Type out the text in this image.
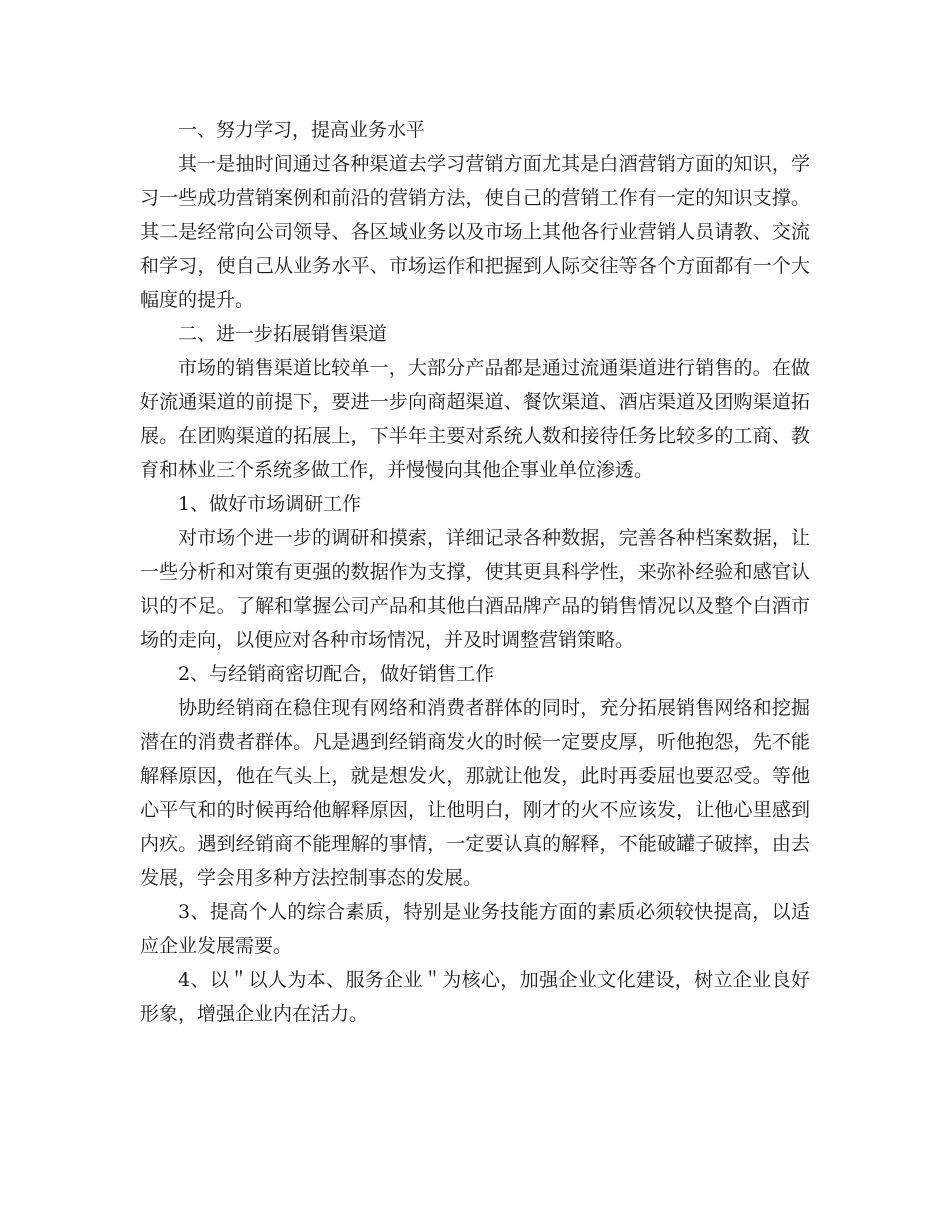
一、努力学习，提高业务水平

其一是抽时间通过各种渠道去学习营销方面尤其是白酒营销方面的知识，学习一些成功营销案例和前沿的营销方法，使自己的营销工作有一定的知识支撑。其二是经常向公司领导、各区域业务以及市场上其他各行业营销人员请教、交流和学习，使自己从业务水平、市场运作和把握到人际交往等各个方面都有一个大幅度的提升。

二、进一步拓展销售渠道

市场的销售渠道比较单一，大部分产品都是通过流通渠道进行销售的。在做好流通渠道的前提下，要进一步向商超渠道、餐饮渠道、酒店渠道及团购渠道拓展。在团购渠道的拓展上，下半年主要对系统人数和接待任务比较多的工商、教育和林业三个系统多做工作，并慢慢向其他企事业单位渗透。

1、做好市场调研工作

对市场个进一步的调研和摸索，详细记录各种数据，完善各种档案数据，让一些分析和对策有更强的数据作为支撑，使其更具科学性，来弥补经验和感官认识的不足。了解和掌握公司产品和其他白酒品牌产品的销售情况以及整个白酒市场的走向，以便应对各种市场情况，并及时调整营销策略。

2、与经销商密切配合，做好销售工作

协助经销商在稳住现有网络和消费者群体的同时，充分拓展销售网络和挖掘潜在的消费者群体。凡是遇到经销商发火的时候一定要皮厚，听他抱怨，先不能解释原因，他在气头上，就是想发火，那就让他发，此时再委屈也要忍受。等他心平气和的时候再给他解释原因，让他明白，刚才的火不应该发，让他心里感到内疚。遇到经销商不能理解的事情，一定要认真的解释，不能破罐子破摔，由去发展，学会用多种方法控制事态的发展。

3、提高个人的综合素质，特别是业务技能方面的素质必须较快提高，以适应企业发展需要。

4、以＂以人为本、服务企业＂为核心，加强企业文化建设，树立企业良好形象，增强企业内在活力。
